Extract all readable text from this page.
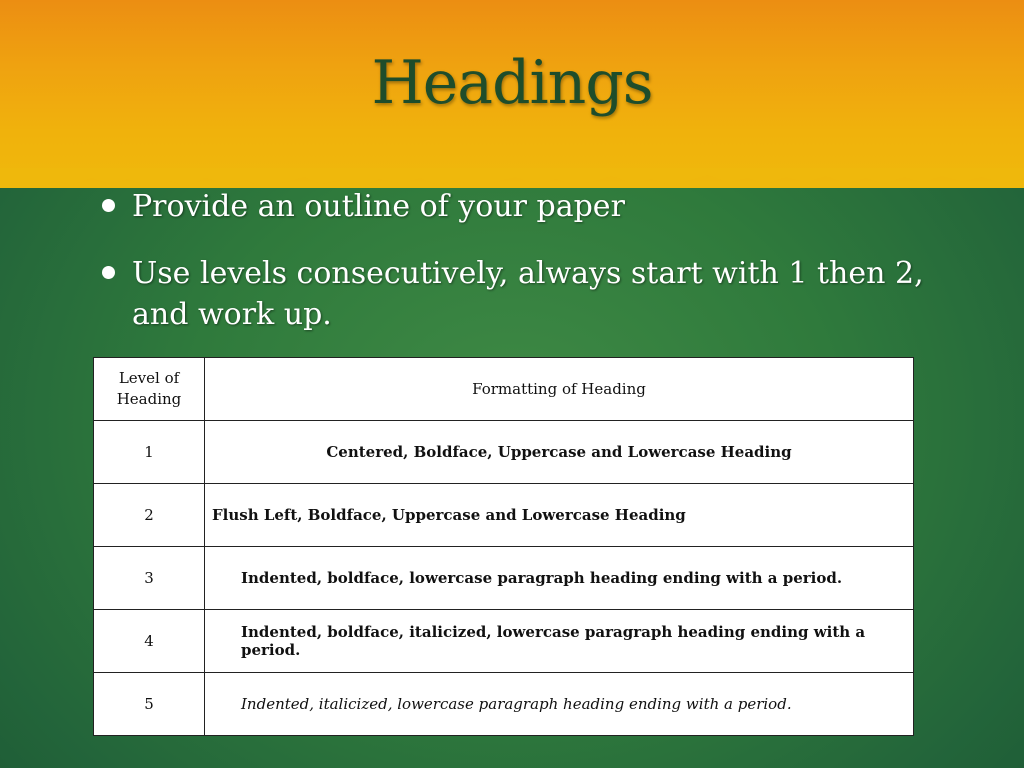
Headings
Provide an outline of your paper
Use levels consecutively, always start with 1 then 2, and work up.
Level of
Heading	Formatting of Heading
1	Centered, Boldface, Uppercase and Lowercase Heading
2	Flush Left, Boldface, Uppercase and Lowercase Heading
3	Indented, boldface, lowercase paragraph heading ending with a period.
4	Indented, boldface, italicized, lowercase paragraph heading ending with a period.
5	Indented, italicized, lowercase paragraph heading ending with a period.
